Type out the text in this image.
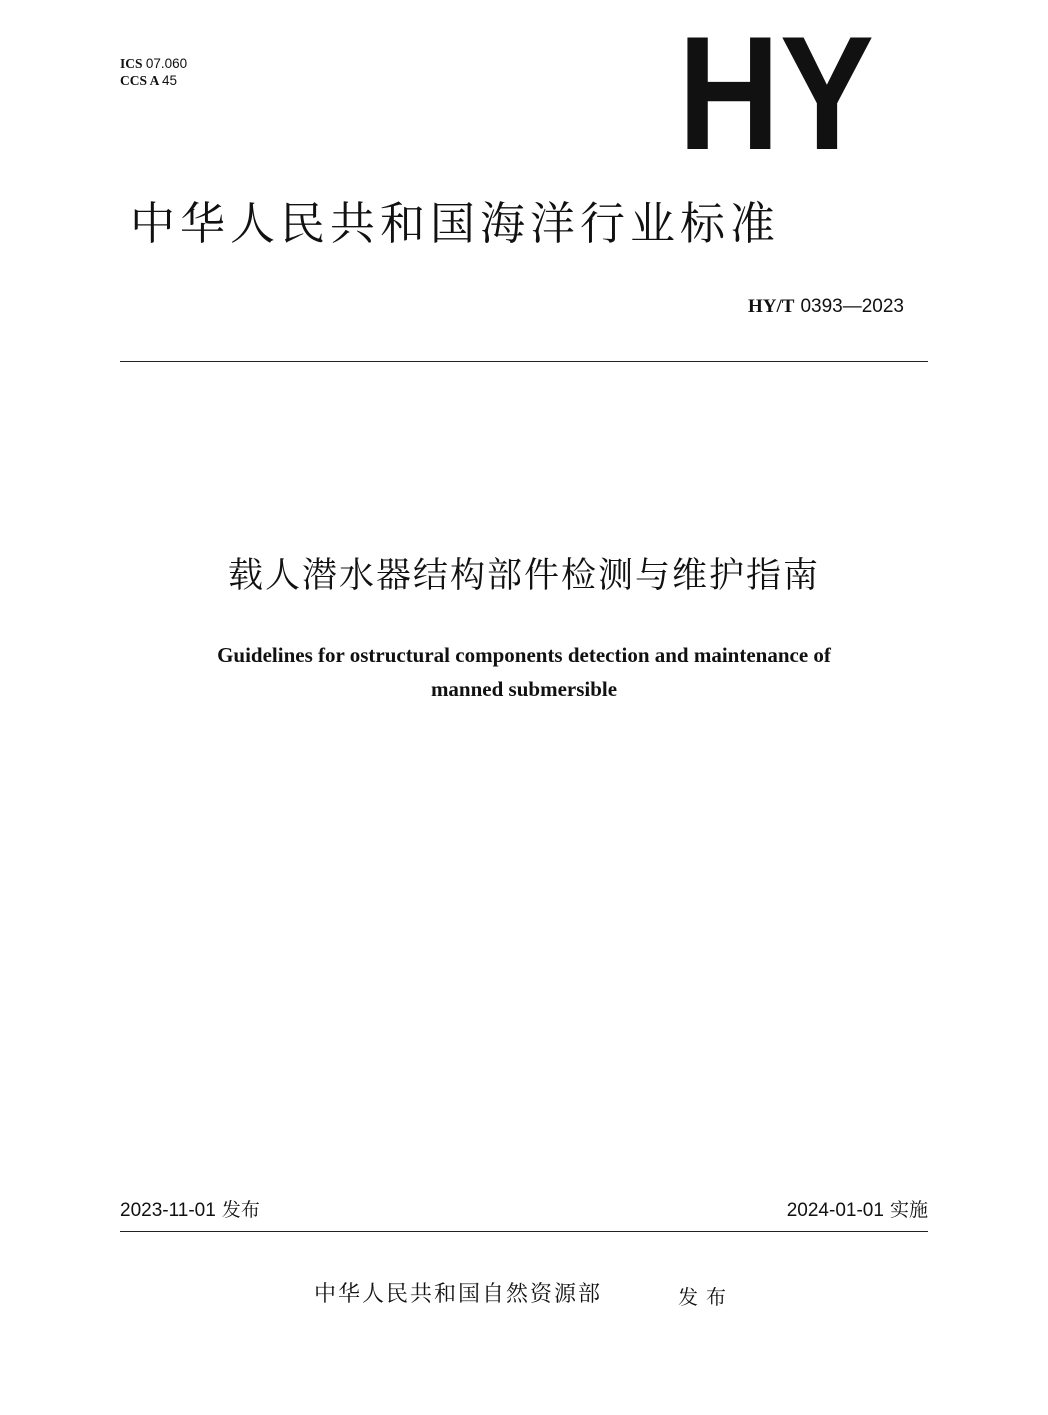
ICS 07.060
CCS A 45	HY
中华人民共和国海洋行业标准
HY/T 0393—2023
载人潜水器结构部件检测与维护指南
Guidelines for ostructural components detection and maintenance of
manned submersible
2023-11-01 发布	2024-01-01 实施
中华人民共和国自然资源部	发布
